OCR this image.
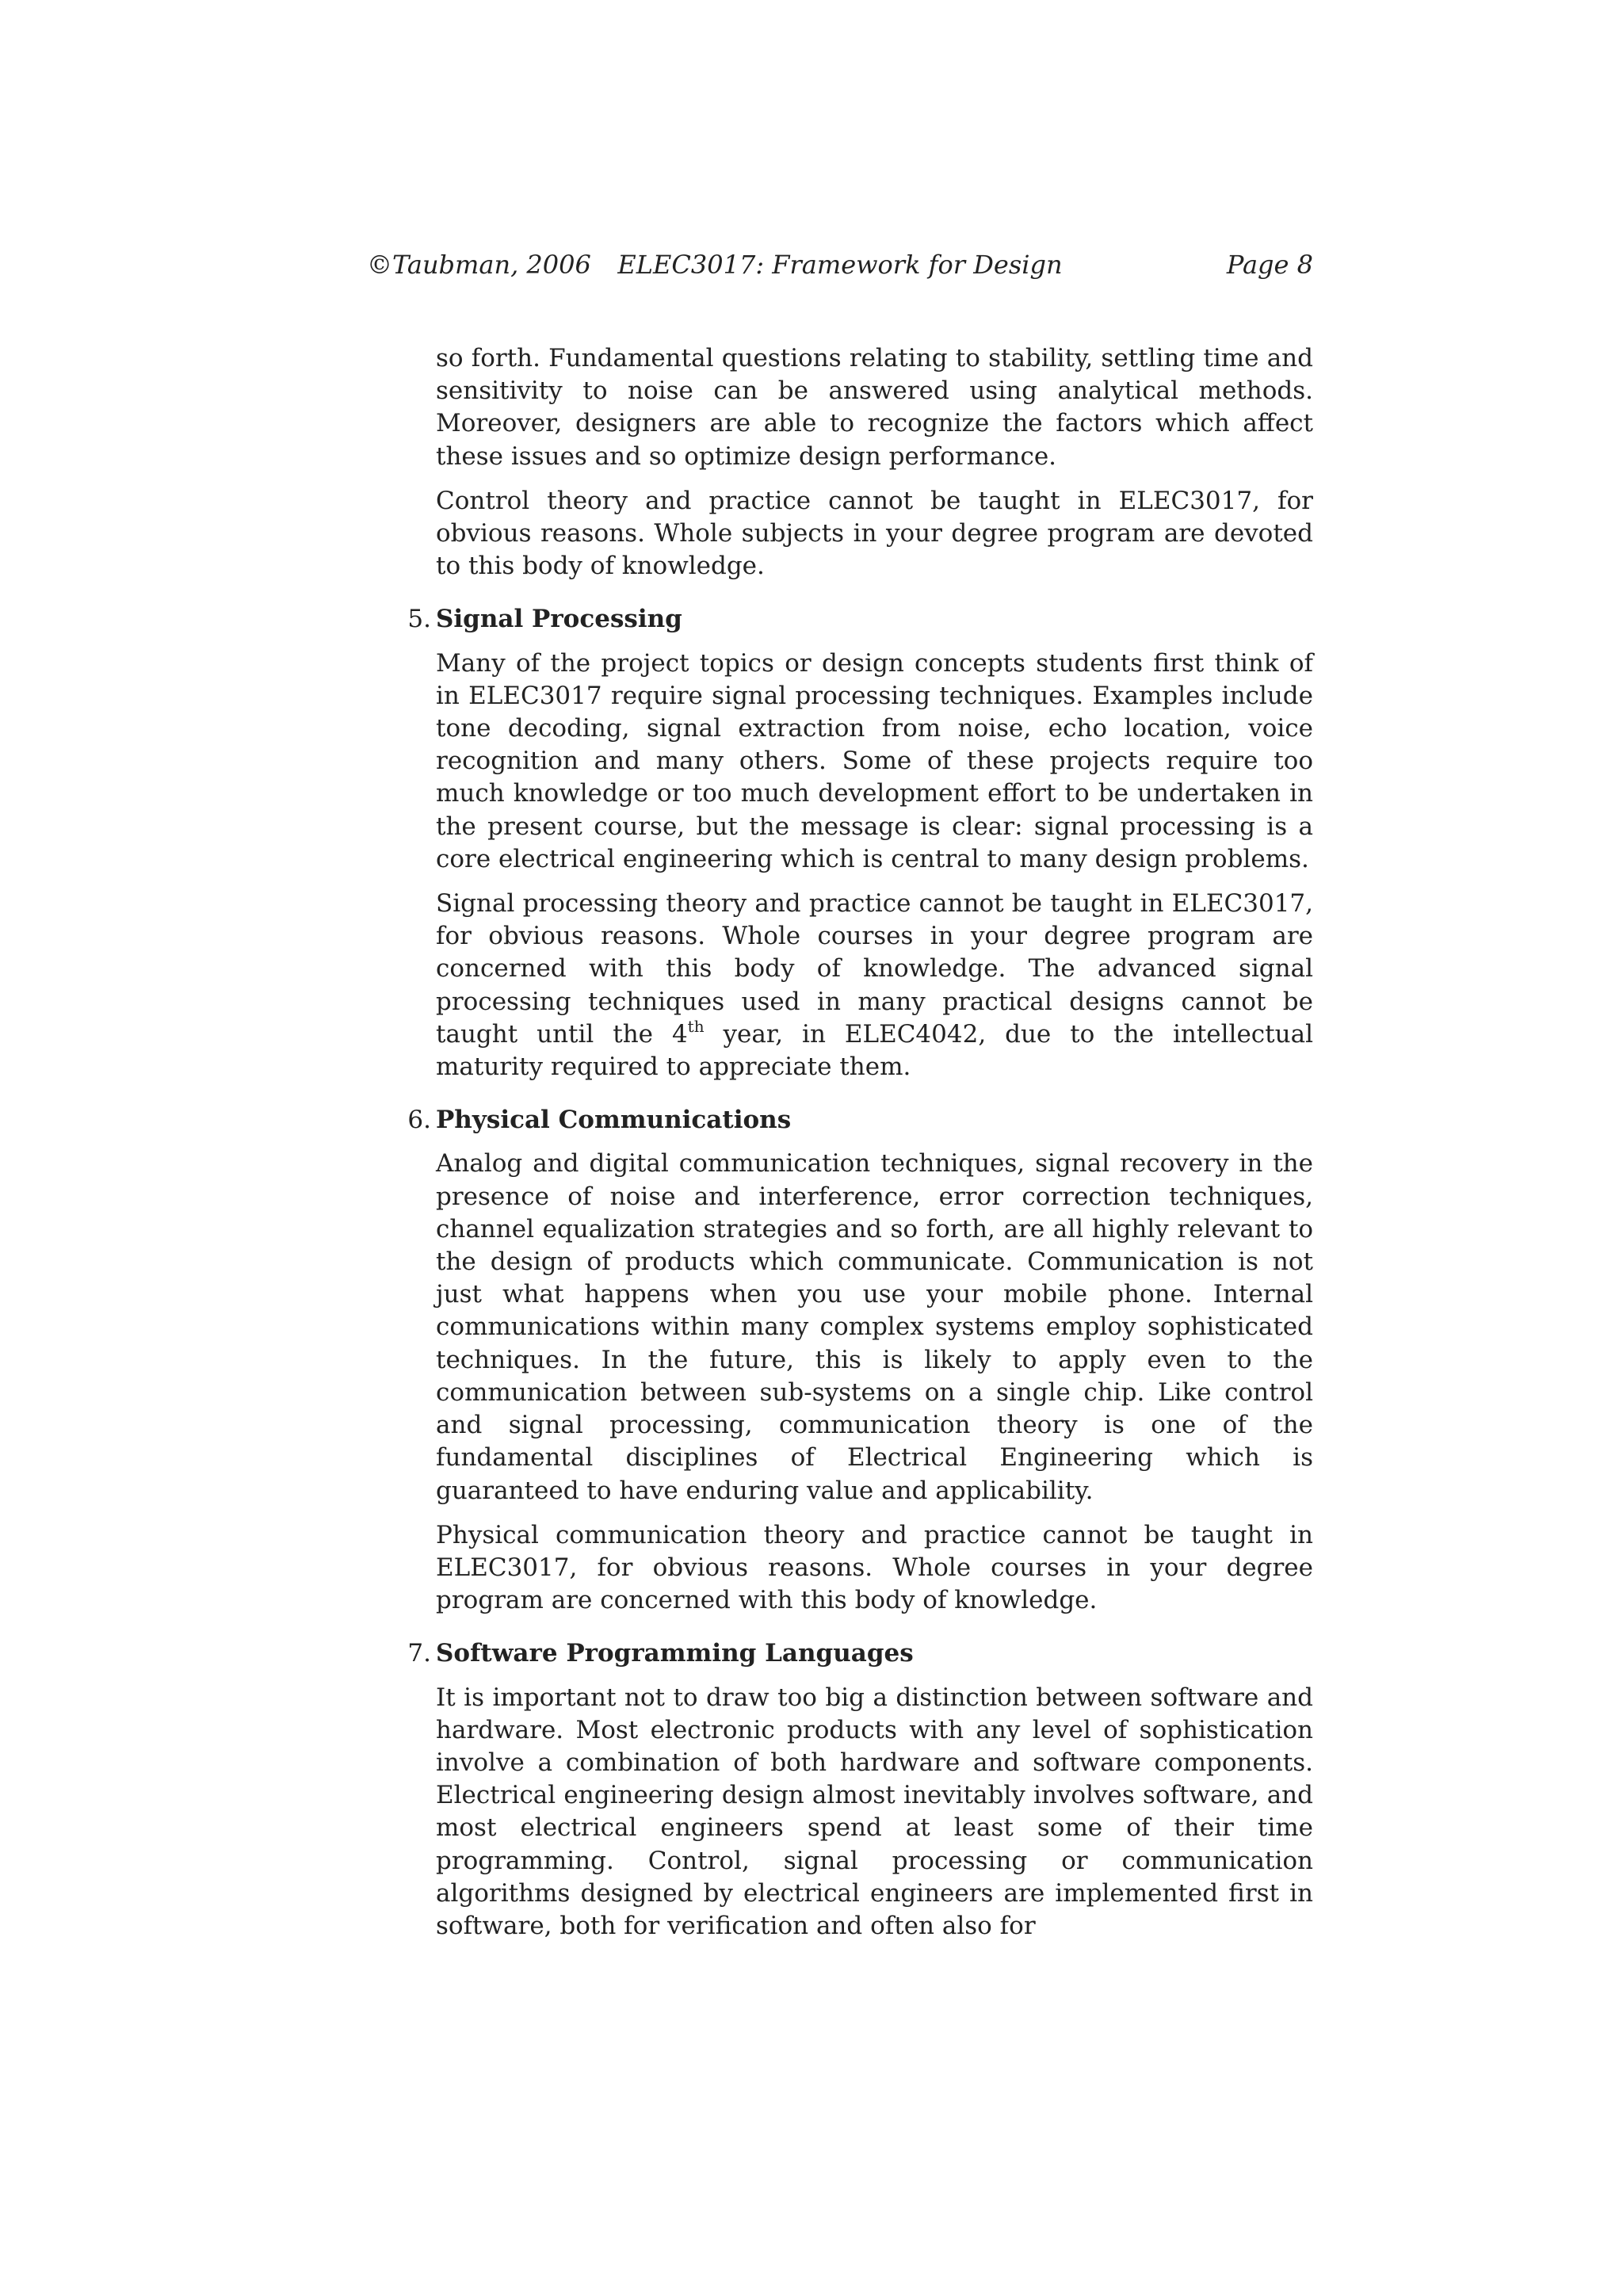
©Taubman, 2006	ELEC3017: Framework for Design	Page 8

so forth. Fundamental questions relating to stability, settling time and sensitivity to noise can be answered using analytical methods. Moreover, designers are able to recognize the factors which affect these issues and so optimize design performance.

Control theory and practice cannot be taught in ELEC3017, for obvious reasons. Whole subjects in your degree program are devoted to this body of knowledge.

5. Signal Processing

Many of the project topics or design concepts students first think of in ELEC3017 require signal processing techniques. Examples include tone decoding, signal extraction from noise, echo location, voice recognition and many others. Some of these projects require too much knowledge or too much development effort to be undertaken in the present course, but the message is clear: signal processing is a core electrical engineering which is central to many design problems.

Signal processing theory and practice cannot be taught in ELEC3017, for obvious reasons. Whole courses in your degree program are concerned with this body of knowledge. The advanced signal processing techniques used in many practical designs cannot be taught until the 4th year, in ELEC4042, due to the intellectual maturity required to appreciate them.

6. Physical Communications

Analog and digital communication techniques, signal recovery in the presence of noise and interference, error correction techniques, channel equalization strategies and so forth, are all highly relevant to the design of products which communicate. Communication is not just what happens when you use your mobile phone. Internal communications within many complex systems employ sophisticated techniques. In the future, this is likely to apply even to the communication between sub-systems on a single chip. Like control and signal processing, communication theory is one of the fundamental disciplines of Electrical Engineering which is guaranteed to have enduring value and applicability.

Physical communication theory and practice cannot be taught in ELEC3017, for obvious reasons. Whole courses in your degree program are concerned with this body of knowledge.

7. Software Programming Languages

It is important not to draw too big a distinction between software and hardware. Most electronic products with any level of sophistication involve a combination of both hardware and software components. Electrical engineering design almost inevitably involves software, and most electrical engineers spend at least some of their time programming. Control, signal processing or communication algorithms designed by electrical engineers are implemented first in software, both for verification and often also for
